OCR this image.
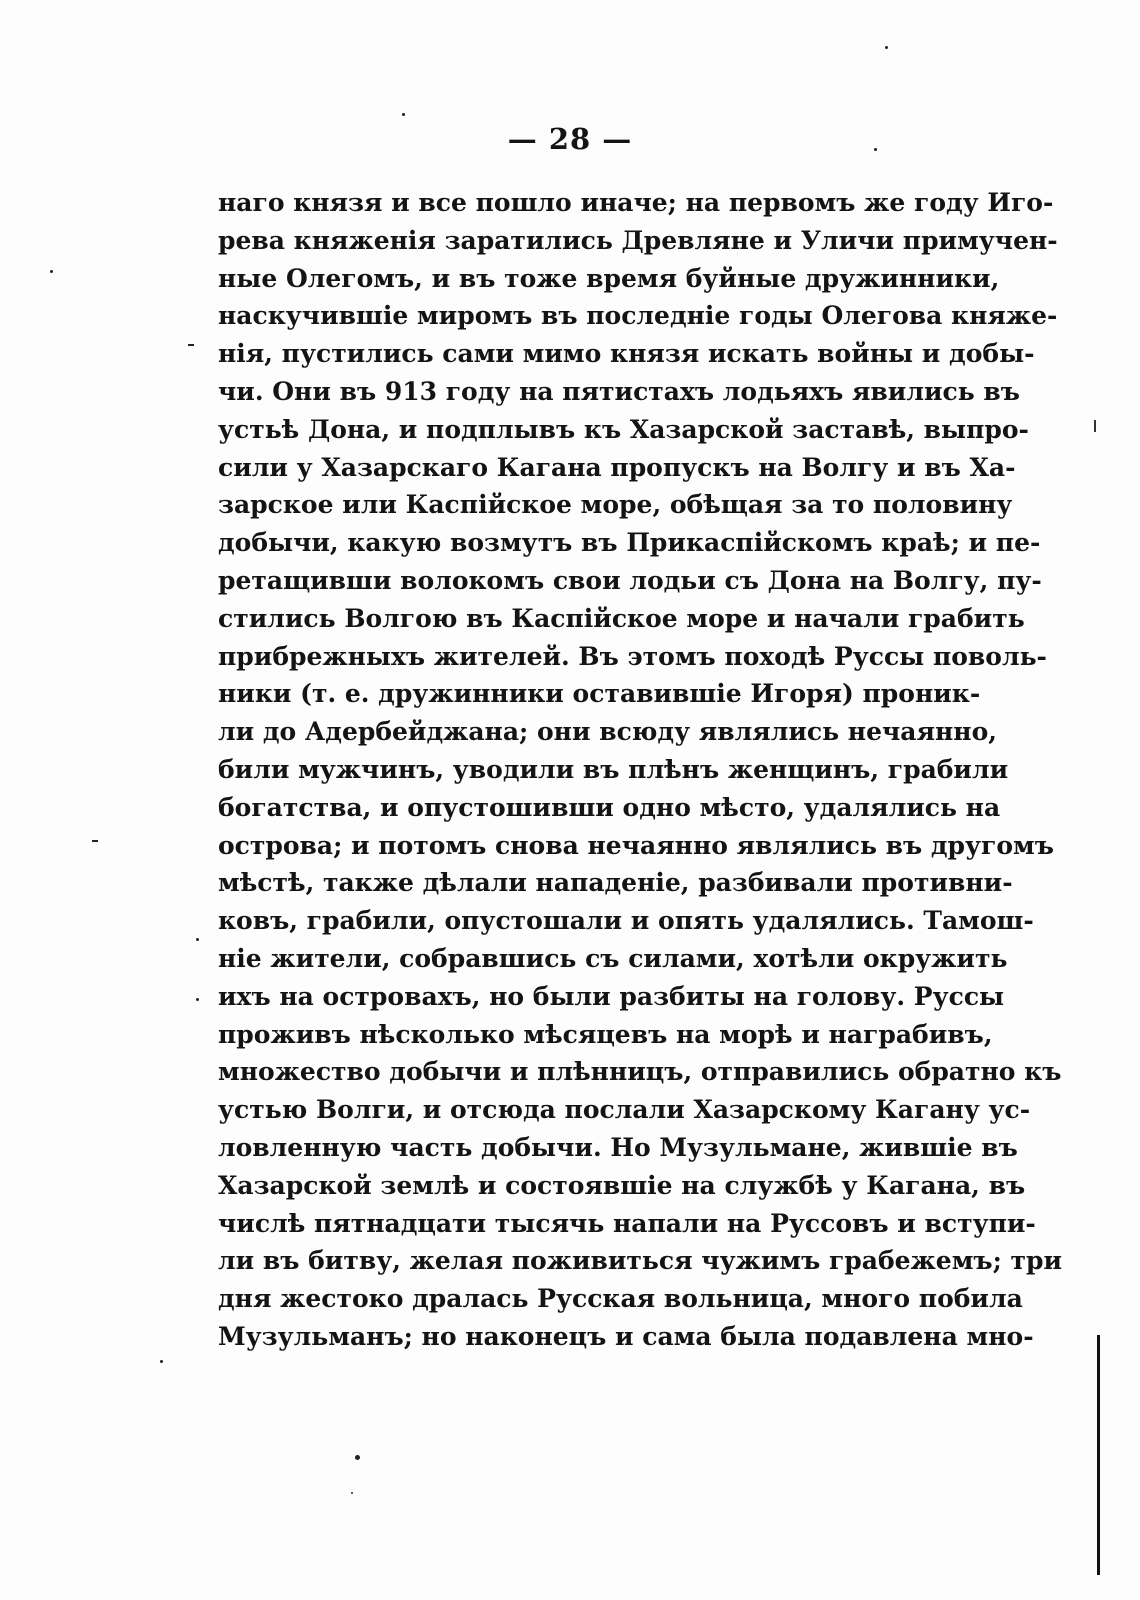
— 28 —
наго князя и все пошло иначе; на первомъ же году Иго-
рева княженія заратились Древляне и Уличи примучен-
ные Олегомъ, и въ тоже время буйные дружинники,
наскучившіе миромъ въ последніе годы Олегова княже-
нія, пустились сами мимо князя искать войны и добы-
чи. Они въ 913 году на пятистахъ лодьяхъ явились въ
устьѣ Дона, и подплывъ къ Хазарской заставѣ, выпро-
сили у Хазарскаго Кагана пропускъ на Волгу и въ Ха-
зарское или Каспійское море, обѣщая за то половину
добычи, какую возмутъ въ Прикаспійскомъ краѣ; и пе-
ретащивши волокомъ свои лодьи съ Дона на Волгу, пу-
стились Волгою въ Каспійское море и начали грабить
прибрежныхъ жителей. Въ этомъ походѣ Руссы поволь-
ники (т. е. дружинники оставившіе Игоря) проник-
ли до Адербейджана; они всюду являлись нечаянно,
били мужчинъ, уводили въ плѣнъ женщинъ, грабили
богатства, и опустошивши одно мѣсто, удалялись на
острова; и потомъ снова нечаянно являлись въ другомъ
мѣстѣ, также дѣлали нападеніе, разбивали противни-
ковъ, грабили, опустошали и опять удалялись. Тамош-
ніе жители, собравшись съ силами, хотѣли окружить
ихъ на островахъ, но были разбиты на голову. Руссы
проживъ нѣсколько мѣсяцевъ на морѣ и награбивъ,
множество добычи и плѣнницъ, отправились обратно къ
устью Волги, и отсюда послали Хазарскому Кагану ус-
ловленную часть добычи. Но Музульмане, жившіе въ
Хазарской землѣ и состоявшіе на службѣ у Кагана, въ
числѣ пятнадцати тысячь напали на Руссовъ и вступи-
ли въ битву, желая поживиться чужимъ грабежемъ; три
дня жестоко дралась Русская вольница, много побила
Музульманъ; но наконецъ и сама была подавлена мно-
